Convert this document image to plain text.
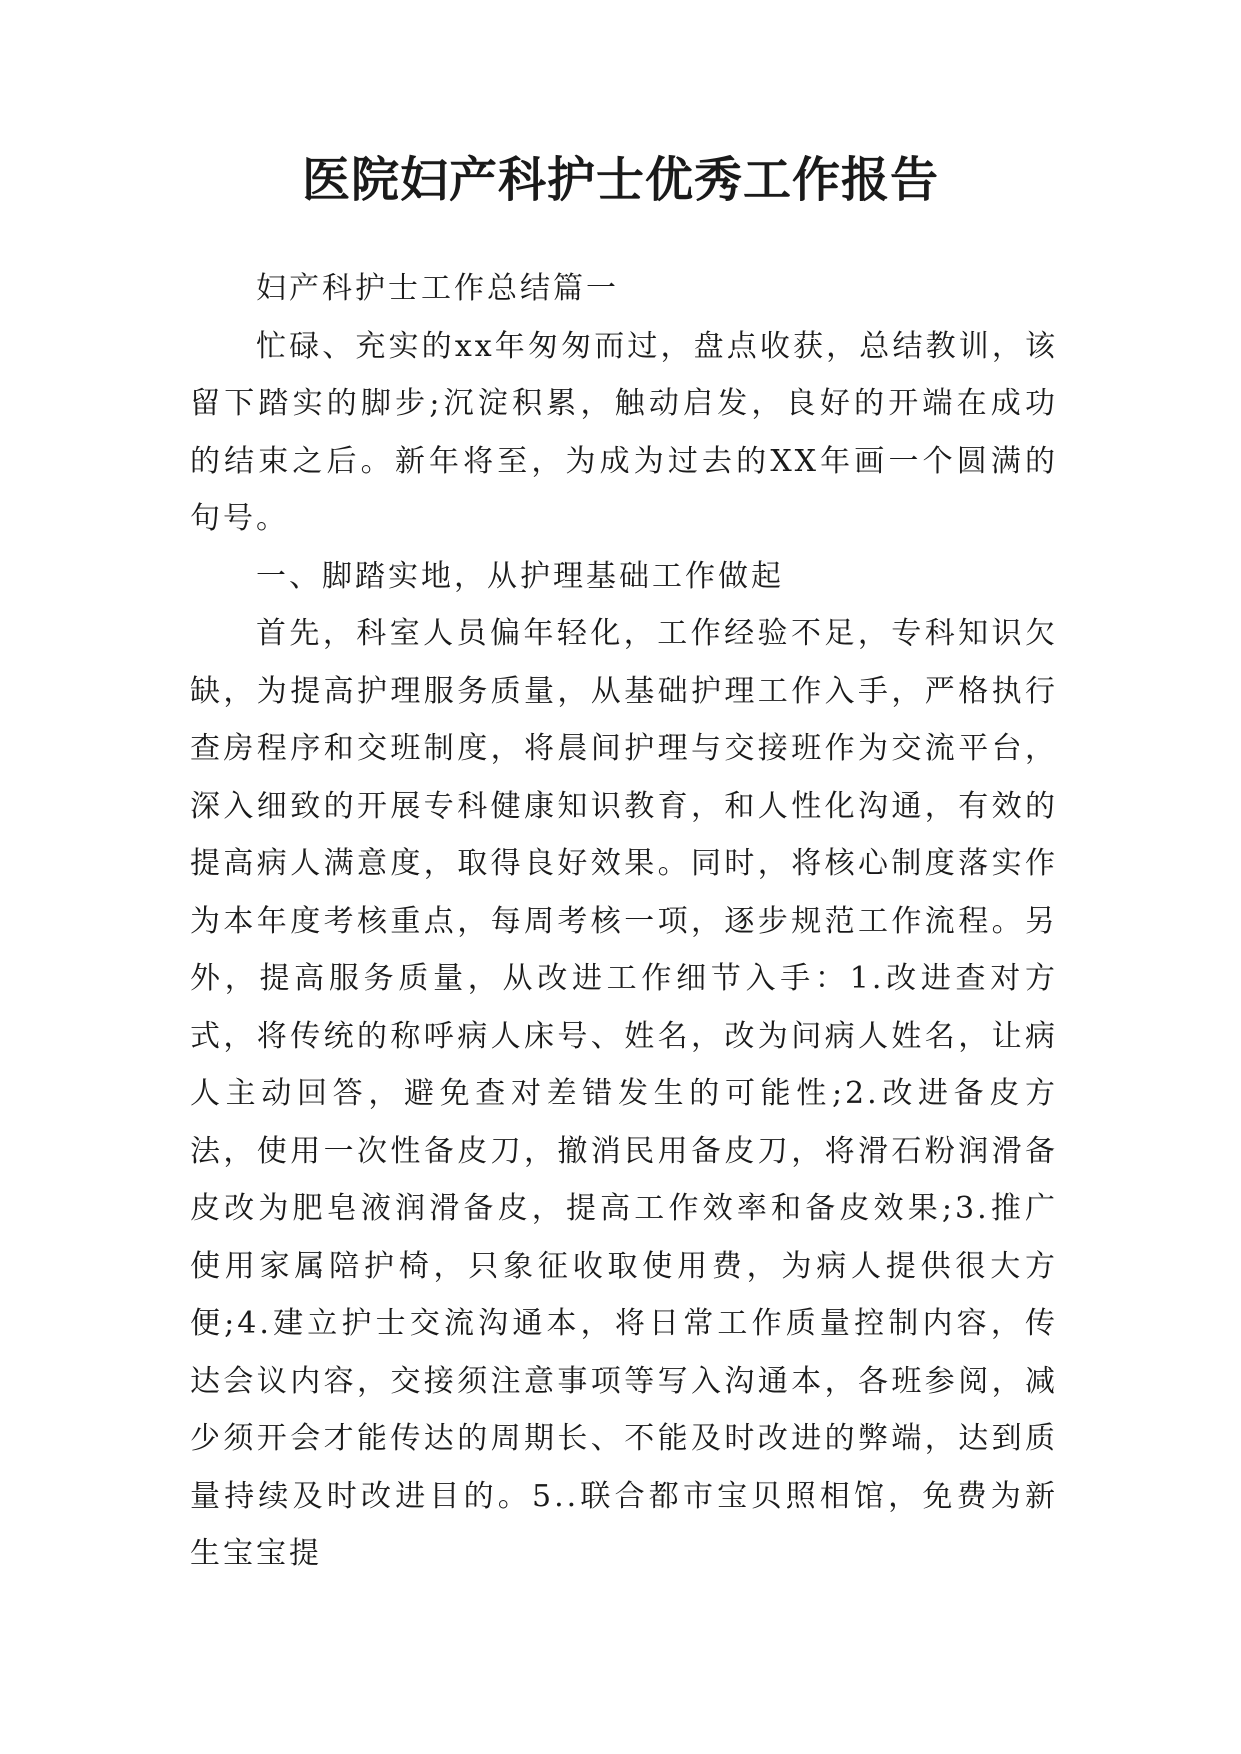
医院妇产科护士优秀工作报告

妇产科护士工作总结篇一

忙碌、充实的xx年匆匆而过，盘点收获，总结教训，该留下踏实的脚步;沉淀积累，触动启发，良好的开端在成功的结束之后。新年将至，为成为过去的XX年画一个圆满的句号。

一、脚踏实地，从护理基础工作做起

首先，科室人员偏年轻化，工作经验不足，专科知识欠缺，为提高护理服务质量，从基础护理工作入手，严格执行查房程序和交班制度，将晨间护理与交接班作为交流平台，深入细致的开展专科健康知识教育，和人性化沟通，有效的提高病人满意度，取得良好效果。同时，将核心制度落实作为本年度考核重点，每周考核一项，逐步规范工作流程。另外，提高服务质量，从改进工作细节入手：1.改进查对方式，将传统的称呼病人床号、姓名，改为问病人姓名，让病人主动回答，避免查对差错发生的可能性;2.改进备皮方法，使用一次性备皮刀，撤消民用备皮刀，将滑石粉润滑备皮改为肥皂液润滑备皮，提高工作效率和备皮效果;3.推广使用家属陪护椅，只象征收取使用费，为病人提供很大方便;4.建立护士交流沟通本，将日常工作质量控制内容，传达会议内容，交接须注意事项等写入沟通本，各班参阅，减少须开会才能传达的周期长、不能及时改进的弊端，达到质量持续及时改进目的。5..联合都市宝贝照相馆，免费为新生宝宝提
